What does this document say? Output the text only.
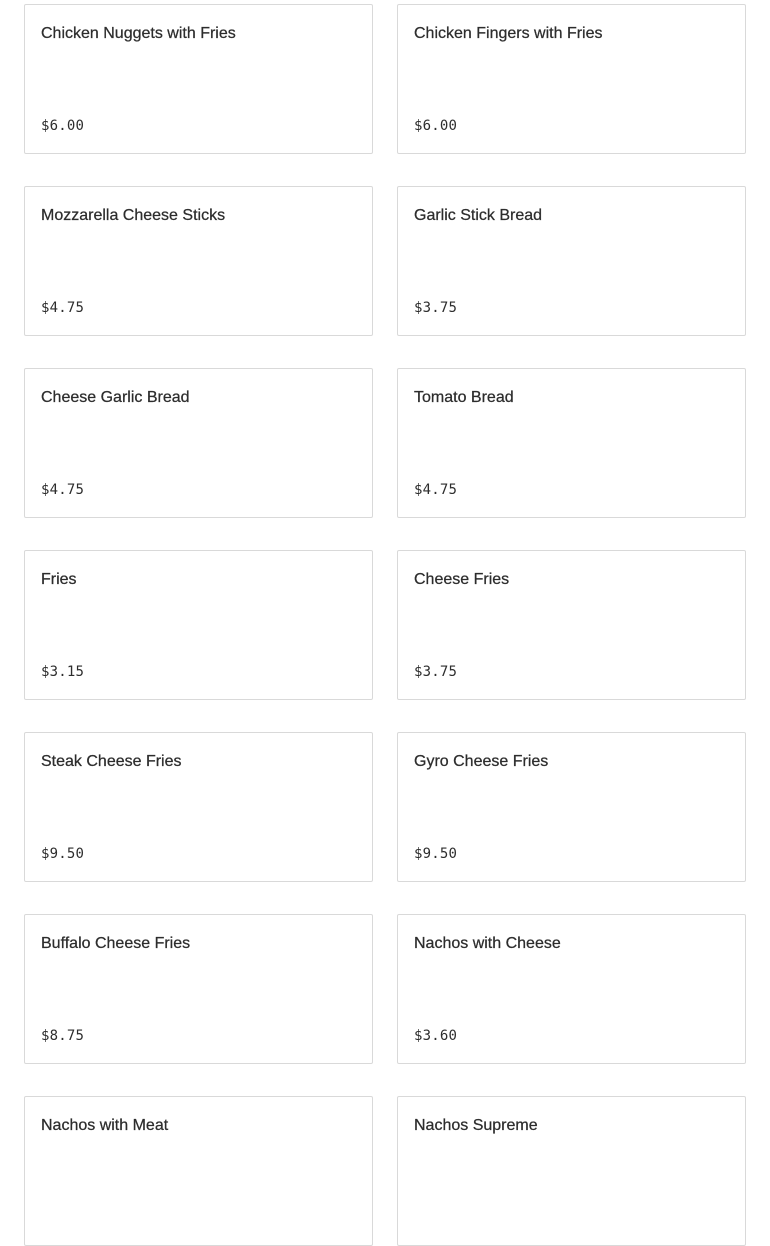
Chicken Nuggets with Fries
$6.00
Chicken Fingers with Fries
$6.00
Mozzarella Cheese Sticks
$4.75
Garlic Stick Bread
$3.75
Cheese Garlic Bread
$4.75
Tomato Bread
$4.75
Fries
$3.15
Cheese Fries
$3.75
Steak Cheese Fries
$9.50
Gyro Cheese Fries
$9.50
Buffalo Cheese Fries
$8.75
Nachos with Cheese
$3.60
Nachos with Meat	Nachos Supreme
